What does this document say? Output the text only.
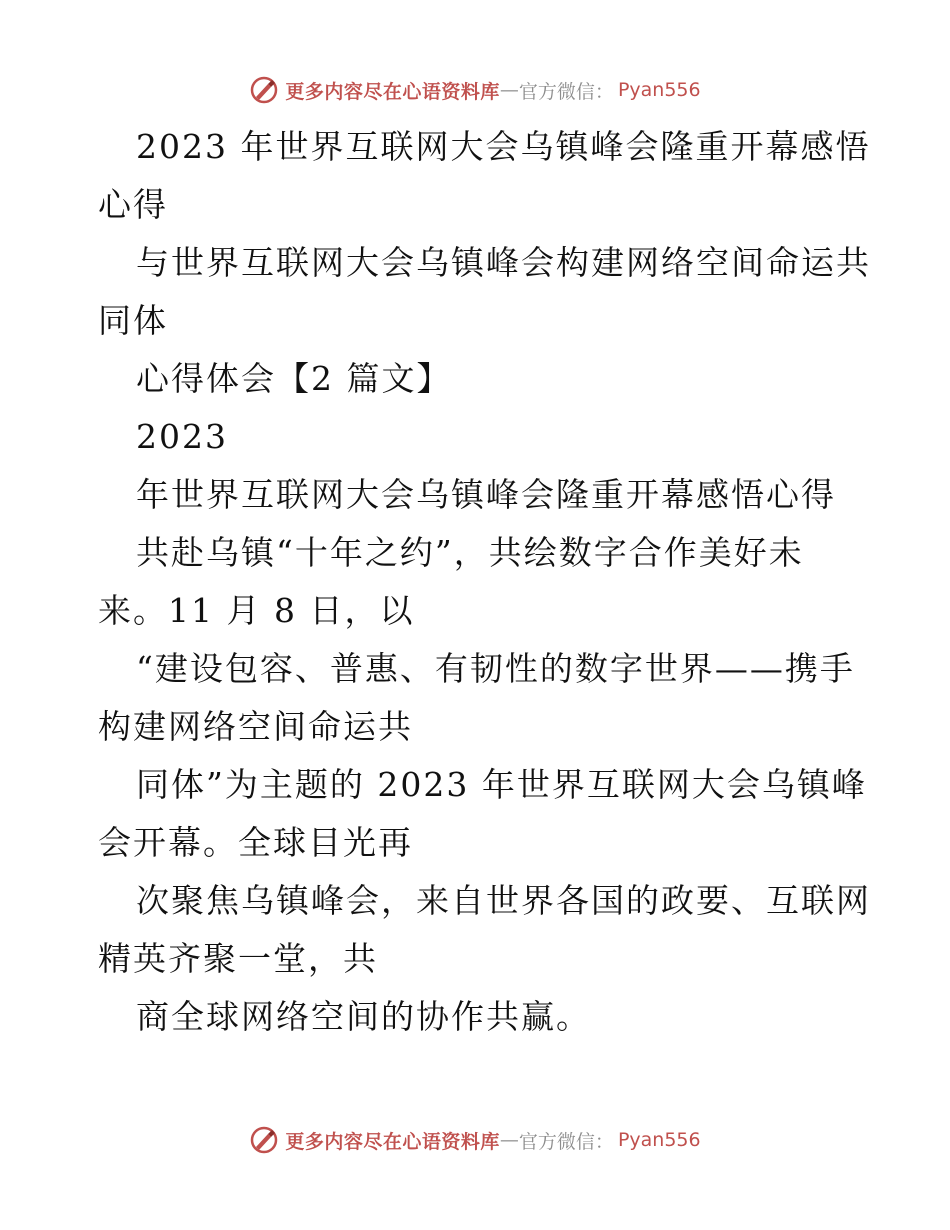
更多内容尽在心语资料库 — 官方微信： Pyan556

2023 年世界互联网大会乌镇峰会隆重开幕感悟

心得

与世界互联网大会乌镇峰会构建网络空间命运共

同体

心得体会【2 篇文】

2023

年世界互联网大会乌镇峰会隆重开幕感悟心得

共赴乌镇“十年之约”，共绘数字合作美好未

来。11 月 8 日，以

“建设包容、普惠、有韧性的数字世界——携手

构建网络空间命运共

同体”为主题的 2023 年世界互联网大会乌镇峰

会开幕。全球目光再

次聚焦乌镇峰会，来自世界各国的政要、互联网

精英齐聚一堂，共

商全球网络空间的协作共赢。

更多内容尽在心语资料库 — 官方微信： Pyan556
